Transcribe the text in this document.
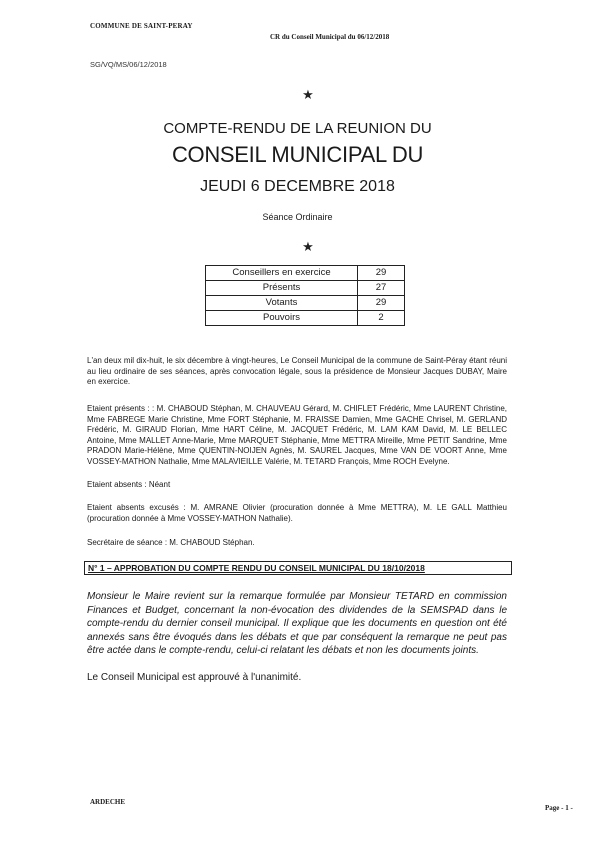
COMMUNE DE SAINT-PERAY
CR du Conseil Municipal du 06/12/2018
SG/VQ/MS/06/12/2018
★
COMPTE-RENDU DE LA REUNION DU
CONSEIL MUNICIPAL DU
JEUDI 6 DECEMBRE 2018
Séance Ordinaire
★
Conseillers en exercice	29
Présents	27
Votants	29
Pouvoirs	2
L'an deux mil dix-huit, le six décembre à vingt-heures, Le Conseil Municipal de la commune de Saint-Péray étant réuni au lieu ordinaire de ses séances, après convocation légale, sous la présidence de Monsieur Jacques DUBAY, Maire en exercice.
Etaient présents : : M. CHABOUD Stéphan, M. CHAUVEAU Gérard, M. CHIFLET Frédéric, Mme LAURENT Christine, Mme FABREGE Marie Christine, Mme FORT Stéphanie, M. FRAISSE Damien, Mme GACHE Chrisel, M. GERLAND Frédéric, M. GIRAUD Florian, Mme HART Céline, M. JACQUET Frédéric, M. LAM KAM David, M. LE BELLEC Antoine, Mme MALLET Anne-Marie, Mme MARQUET Stéphanie, Mme METTRA Mireille, Mme PETIT Sandrine, Mme PRADON Marie-Hélène, Mme QUENTIN-NOIJEN Agnès, M. SAUREL Jacques, Mme VAN DE VOORT Anne, Mme VOSSEY-MATHON Nathalie, Mme MALAVIEILLE Valérie, M. TETARD François, Mme ROCH Evelyne.
Etaient absents : Néant
Etaient absents excusés : M. AMRANE Olivier (procuration donnée à Mme METTRA), M. LE GALL Matthieu (procuration donnée à Mme VOSSEY-MATHON Nathalie).
Secrétaire de séance : M. CHABOUD Stéphan.
N° 1 – APPROBATION DU COMPTE RENDU DU CONSEIL MUNICIPAL DU 18/10/2018
Monsieur le Maire revient sur la remarque formulée par Monsieur TETARD en commission Finances et Budget, concernant la non-évocation des dividendes de la SEMSPAD dans le compte-rendu du dernier conseil municipal. Il explique que les documents en question ont été annexés sans être évoqués dans les débats et que par conséquent la remarque ne peut pas être actée dans le compte-rendu, celui-ci relatant les débats et non les documents joints.
Le Conseil Municipal est approuvé à l'unanimité.
ARDECHE
Page - 1 -
